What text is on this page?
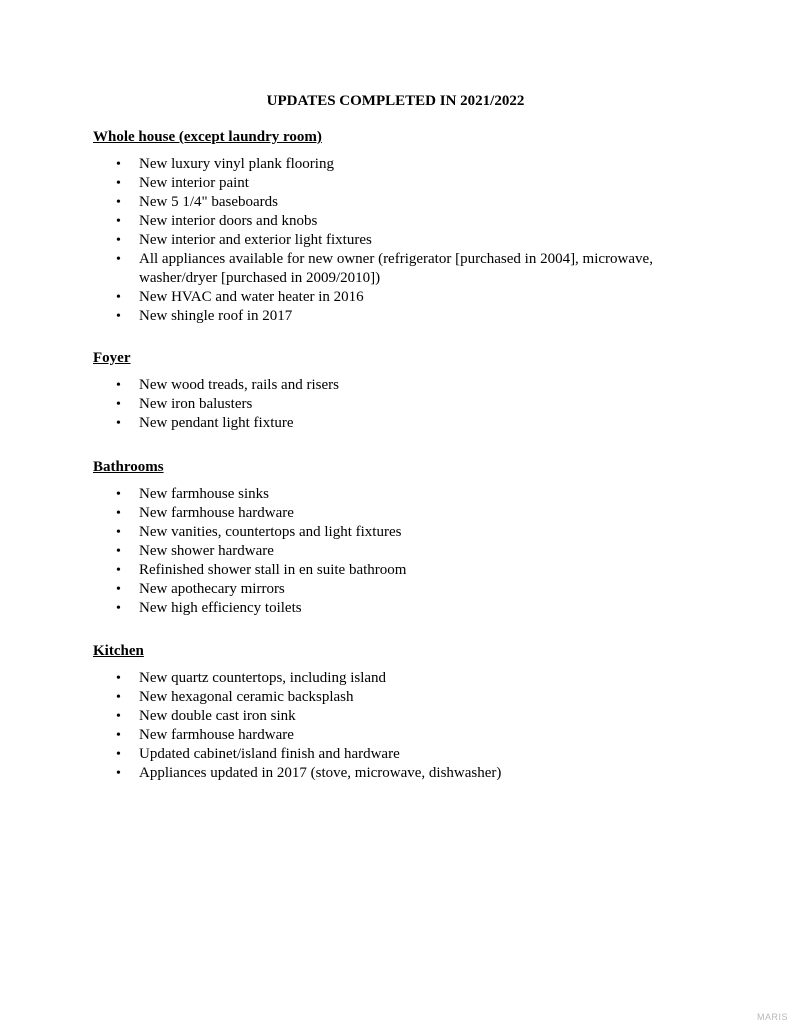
UPDATES COMPLETED IN 2021/2022
Whole house (except laundry room)
• New luxury vinyl plank flooring
• New interior paint
• New 5 1/4" baseboards
• New interior doors and knobs
• New interior and exterior light fixtures
• All appliances available for new owner (refrigerator [purchased in 2004], microwave, washer/dryer [purchased in 2009/2010])
• New HVAC and water heater in 2016
• New shingle roof in 2017
Foyer
• New wood treads, rails and risers
• New iron balusters
• New pendant light fixture
Bathrooms
• New farmhouse sinks
• New farmhouse hardware
• New vanities, countertops and light fixtures
• New shower hardware
• Refinished shower stall in en suite bathroom
• New apothecary mirrors
• New high efficiency toilets
Kitchen
• New quartz countertops, including island
• New hexagonal ceramic backsplash
• New double cast iron sink
• New farmhouse hardware
• Updated cabinet/island finish and hardware
• Appliances updated in 2017 (stove, microwave, dishwasher)
MARIS
